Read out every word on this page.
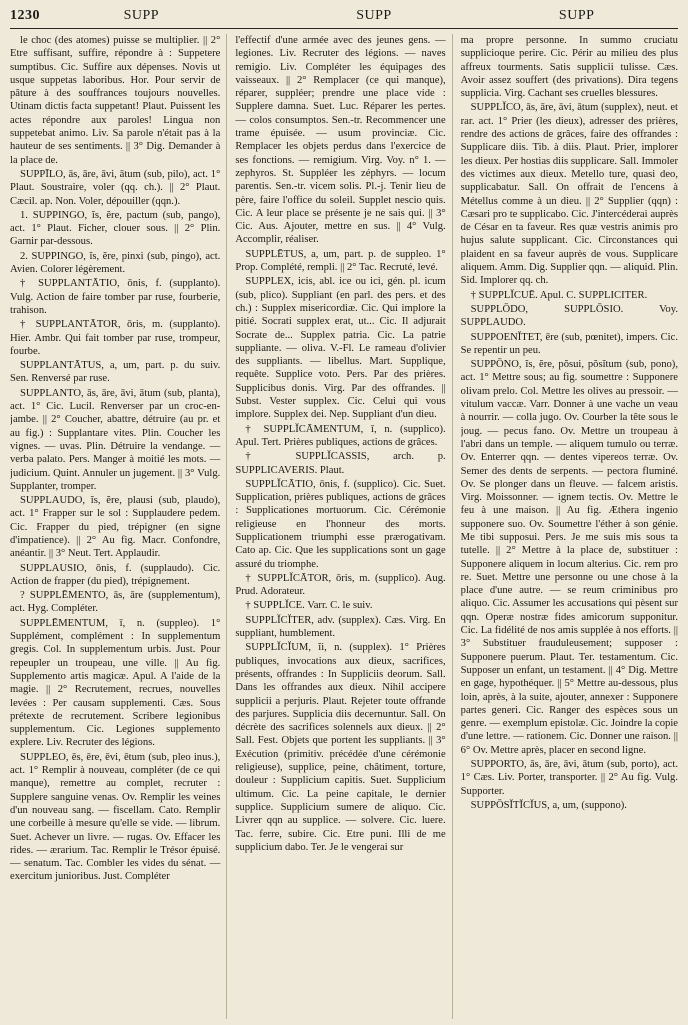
1230	SUPP	SUPP	SUPP

le choc (des atomes) puisse se multiplier. || 2° Etre suffisant, suffire, répondre à : Suppetere sumptibus. Cic. Suffire aux dépenses. Novis ut usque suppetas laboribus. Hor. Pour servir de pâture à des souffrances toujours nouvelles. Utinam dictis facta suppetant! Plaut. Puissent les actes répondre aux paroles! Lingua non suppetebat animo. Liv. Sa parole n'était pas à la hauteur de ses sentiments. || 3° Dig. Demander à la place de.

SUPPĪLO, ās, āre, āvi, ātum (sub, pilo), act. 1° Plaut. Soustraire, voler (qq. ch.). || 2° Plaut. Cæcil. ap. Non. Voler, dépouiller (qqn.).

1. SUPPINGO, ĭs, ĕre, pactum (sub, pango), act. 1° Plaut. Ficher, clouer sous. || 2° Plin. Garnir par-dessous.

2. SUPPINGO, ĭs, ĕre, pinxi (sub, pingo), act. Avien. Colorer légèrement.

† SUPPLANTĀTIO, ōnis, f. (supplanto). Vulg. Action de faire tomber par ruse, fourberie, trahison.

† SUPPLANTĀTOR, ōris, m. (supplanto). Hier. Ambr. Qui fait tomber par ruse, trompeur, fourbe.

SUPPLANTĀTUS, a, um, part. p. du suiv. Sen. Renversé par ruse.

SUPPLANTO, ās, āre, āvi, ātum (sub, planta), act. 1° Cic. Lucil. Renverser par un croc-en-jambe. || 2° Coucher, abattre, détruire (au pr. et au fig.) : Supplantare vites. Plin. Coucher les vignes. — uvas. Plin. Détruire la vendange. — verba palato. Pers. Manger à moitié les mots. — judicium. Quint. Annuler un jugement. || 3° Vulg. Supplanter, tromper.

SUPPLAUDO, ĭs, ĕre, plausi (sub, plaudo), act. 1° Frapper sur le sol : Supplaudere pedem. Cic. Frapper du pied, trépigner (en signe d'impatience). || 2° Au fig. Macr. Confondre, anéantir. || 3° Neut. Tert. Applaudir.

SUPPLAUSIO, ōnis, f. (supplaudo). Cic. Action de frapper (du pied), trépignement.

? SUPPLĒMENTO, ās, āre (supplementum), act. Hyg. Compléter.

SUPPLĒMENTUM, ī, n. (suppleo). 1° Supplément, complément : In supplementum gregis. Col. In supplementum urbis. Just. Pour repeupler un troupeau, une ville. || Au fig. Supplemento artis magicæ. Apul. A l'aide de la magie. || 2° Recrutement, recrues, nouvelles levées : Per causam supplementi. Cæs. Sous prétexte de recrutement. Scribere legionibus supplementum. Cic. Legiones supplemento explere. Liv. Recruter des légions.

SUPPLEO, ēs, ēre, ēvi, ētum (sub, pleo inus.), act. 1° Remplir à nouveau, compléter (de ce qui manque), remettre au complet, recruter : Supplere sanguine venas. Ov. Remplir les veines d'un nouveau sang. — fiscellam. Cato. Remplir une corbeille à mesure qu'elle se vide. — librum. Suet. Achever un livre. — rugas. Ov. Effacer les rides. — ærarium. Tac. Remplir le Trésor épuisé. — senatum. Tac. Combler les vides du sénat. — exercitum junioribus. Just. Compléter

l'effectif d'une armée avec des jeunes gens. — legiones. Liv. Recruter des légions. — naves remigio. Liv. Compléter les équipages des vaisseaux. || 2° Remplacer (ce qui manque), réparer, suppléer; prendre une place vide : Supplere damna. Suet. Luc. Réparer les pertes. — colos consumptos. Sen.-tr. Recommencer une trame épuisée. — usum provinciæ. Cic. Remplacer les objets perdus dans l'exercice de ses fonctions. — remigium. Virg. Voy. n° 1. — zephyros. St. Suppléer les zéphyrs. — locum parentis. Sen.-tr. vicem solis. Pl.-j. Tenir lieu de père, faire l'office du soleil. Supplet nescio quis. Cic. A leur place se présente je ne sais qui. || 3° Cic. Aus. Ajouter, mettre en sus. || 4° Vulg. Accomplir, réaliser.

SUPPLĒTUS, a, um, part. p. de suppleo. 1° Prop. Complété, rempli. || 2° Tac. Recruté, levé.

SUPPLEX, icis, abl. ice ou ici, gén. pl. icum (sub, plico). Suppliant (en parl. des pers. et des ch.) : Supplex misericordiæ. Cic. Qui implore la pitié. Socrati supplex erat, ut... Cic. Il adjurait Socrate de... Supplex patria. Cic. La patrie suppliante. — oliva. V.-Fl. Le rameau d'olivier des suppliants. — libellus. Mart. Supplique, requête. Supplice voto. Pers. Par des prières. Supplicibus donis. Virg. Par des offrandes. || Subst. Vester supplex. Cic. Celui qui vous implore. Supplex dei. Nep. Suppliant d'un dieu.

† SUPPLĬCĀMENTUM, ī, n. (supplico). Apul. Tert. Prières publiques, actions de grâces.

† SUPPLĬCASSIS, arch. p. SUPPLICAVERIS. Plaut.

SUPPLĬCĀTIO, ōnis, f. (supplico). Cic. Suet. Supplication, prières publiques, actions de grâces : Supplicationes mortuorum. Cic. Cérémonie religieuse en l'honneur des morts. Supplicationem triumphi esse prærogativam. Cato ap. Cic. Que les supplications sont un gage assuré du triomphe.

† SUPPLĬCĀTOR, ōris, m. (supplico). Aug. Prud. Adorateur.

† SUPPLĬCE. Varr. C. le suiv.

SUPPLĬCĬTER, adv. (supplex). Cæs. Virg. En suppliant, humblement.

SUPPLĬCĬUM, ĭi, n. (supplex). 1° Prières publiques, invocations aux dieux, sacrifices, présents, offrandes : In Suppliciis deorum. Sall. Dans les offrandes aux dieux. Nihil accipere supplicii a perjuris. Plaut. Rejeter toute offrande des parjures. Supplicia diis decernuntur. Sall. On décrète des sacrifices solennels aux dieux. || 2° Sall. Fest. Objets que portent les suppliants. || 3° Exécution (primitiv. précédée d'une cérémonie religieuse), supplice, peine, châtiment, torture, douleur : Supplicium capitis. Suet. Supplicium ultimum. Cic. La peine capitale, le dernier supplice. Supplicium sumere de aliquo. Cic. Livrer qqn au supplice. — solvere. Cic. luere. Tac. ferre, subire. Cic. Etre puni. Illi de me supplicium dabo. Ter. Je le vengerai sur

ma propre personne. In summo cruciatu supplicioque perire. Cic. Périr au milieu des plus affreux tourments. Satis supplicii tulisse. Cæs. Avoir assez souffert (des privations). Dira tegens supplicia. Virg. Cachant ses cruelles blessures.

SUPPLĬCO, ās, āre, āvi, ātum (supplex), neut. et rar. act. 1° Prier (les dieux), adresser des prières, rendre des actions de grâces, faire des offrandes : Supplicare diis. Tib. à diis. Plaut. Prier, implorer les dieux. Per hostias diis supplicare. Sall. Immoler des victimes aux dieux. Metello ture, quasi deo, supplicabatur. Sall. On offrait de l'encens à Métellus comme à un dieu. || 2° Supplier (qqn) : Cæsari pro te supplicabo. Cic. J'intercéderai auprès de César en ta faveur. Res quæ vestris animis pro hujus salute supplicant. Cic. Circonstances qui plaident en sa faveur auprès de vous. Supplicare aliquem. Amm. Dig. Supplier qqn. — aliquid. Plin. Sid. Implorer qq. ch.

† SUPPLĬCUĒ. Apul. C. SUPPLICITER.

SUPPLŌDO, SUPPLŌSIO. Voy. SUPPLAUDO.

SUPPOENĬTET, ēre (sub, pœnitet), impers. Cic. Se repentir un peu.

SUPPŌNO, ĭs, ĕre, pŏsui, pŏsĭtum (sub, pono), act. 1° Mettre sous; au fig. soumettre : Supponere olivam prelo. Col. Mettre les olives au pressoir. — vitulum vaccæ. Varr. Donner à une vache un veau à nourrir. — colla jugo. Ov. Courber la tête sous le joug. — pecus fano. Ov. Mettre un troupeau à l'abri dans un temple. — aliquem tumulo ou terræ. Ov. Enterrer qqn. — dentes vipereos terræ. Ov. Semer des dents de serpents. — pectora fluminé. Ov. Se plonger dans un fleuve. — falcem aristis. Virg. Moissonner. — ignem tectis. Ov. Mettre le feu à une maison. || Au fig. Æthera ingenio supponere suo. Ov. Soumettre l'éther à son génie. Me tibi supposui. Pers. Je me suis mis sous ta tutelle. || 2° Mettre à la place de, substituer : Supponere aliquem in locum alterius. Cic. rem pro re. Suet. Mettre une personne ou une chose à la place d'une autre. — se reum criminibus pro aliquo. Cic. Assumer les accusations qui pèsent sur qqn. Operæ nostræ fides amicorum supponitur. Cic. La fidélité de nos amis supplée à nos efforts. || 3° Substituer frauduleusement; supposer : Supponere puerum. Plaut. Ter. testamentum. Cic. Supposer un enfant, un testament. || 4° Dig. Mettre en gage, hypothéquer. || 5° Mettre au-dessous, plus loin, après, à la suite, ajouter, annexer : Supponere partes generi. Cic. Ranger des espèces sous un genre. — exemplum epistolæ. Cic. Joindre la copie d'une lettre. — rationem. Cic. Donner une raison. || 6° Ov. Mettre après, placer en second ligne.

SUPPORTO, ās, āre, āvi, ātum (sub, porto), act. 1° Cæs. Liv. Porter, transporter. || 2° Au fig. Vulg. Supporter.

SUPPŌSĬTĬCĬUS, a, um, (suppono).
